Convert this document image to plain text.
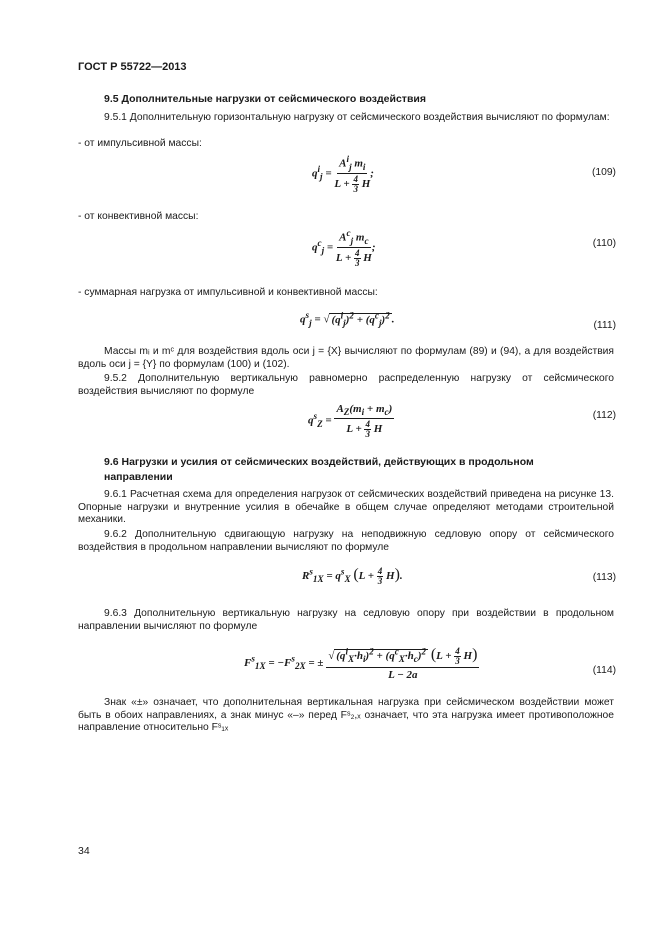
ГОСТ Р 55722—2013
9.5 Дополнительные нагрузки от сейсмического воздействия
9.5.1 Дополнительную горизонтальную нагрузку от сейсмического воздействия вычисляют по формулам:
- от импульсивной массы:
$q^i_j = \frac{A^i_j m_i}{L + \frac{4}{3} H}$ ;	(109)
- от конвективной массы:
$q^c_j = \frac{A^c_j m_c}{L + \frac{4}{3} H}$ ;	(110)
- суммарная нагрузка от импульсивной и конвективной массы:
$q^s_j$ = √ $(q^i_j)^2 + (q^c_j)^2$ .	(111)
Массы mᵢ и mᶜ для воздействия вдоль оси j = {X} вычисляют по формулам (89) и (94), а для воздействия вдоль оси j = {Y} по формулам (100) и (102).
9.5.2 Дополнительную вертикальную равномерно распределенную нагрузку от сейсмического воздействия вычисляют по формуле
$q^s_Z = \frac{A_Z(m_i + m_c)}{L + \frac{4}{3} H}$	(112)
9.6 Нагрузки и усилия от сейсмических воздействий, действующих в продольном направлении
9.6.1 Расчетная схема для определения нагрузок от сейсмических воздействий приведена на рисунке 13. Опорные нагрузки и внутренние усилия в обечайке в общем случае определяют методами строительной механики.
9.6.2 Дополнительную сдвигающую нагрузку на неподвижную седловую опору от сейсмического воздействия в продольном направлении вычисляют по формуле
$R^s_{1X} = q^s_X$ $(L + \frac{4}{3} H)$.	(113)
9.6.3 Дополнительную вертикальную нагрузку на седловую опору при воздействии в продольном направлении вычисляют по формуле
$F^s_{1X} = -F^s_{2X}$ = ± $\frac{√ (q^i_X\cdot h_i)^2 + (q^c_X\cdot h_c)^2 (L + \frac{4}{3} H)}{L - 2a}$	(114)
Знак «±» означает, что дополнительная вертикальная нагрузка при сейсмическом воздействии может быть в обоих направлениях, а знак минус «–» перед Fˢ₂,ₓ означает, что эта нагрузка имеет противоположное направление относительно Fˢ₁ₓ
34
